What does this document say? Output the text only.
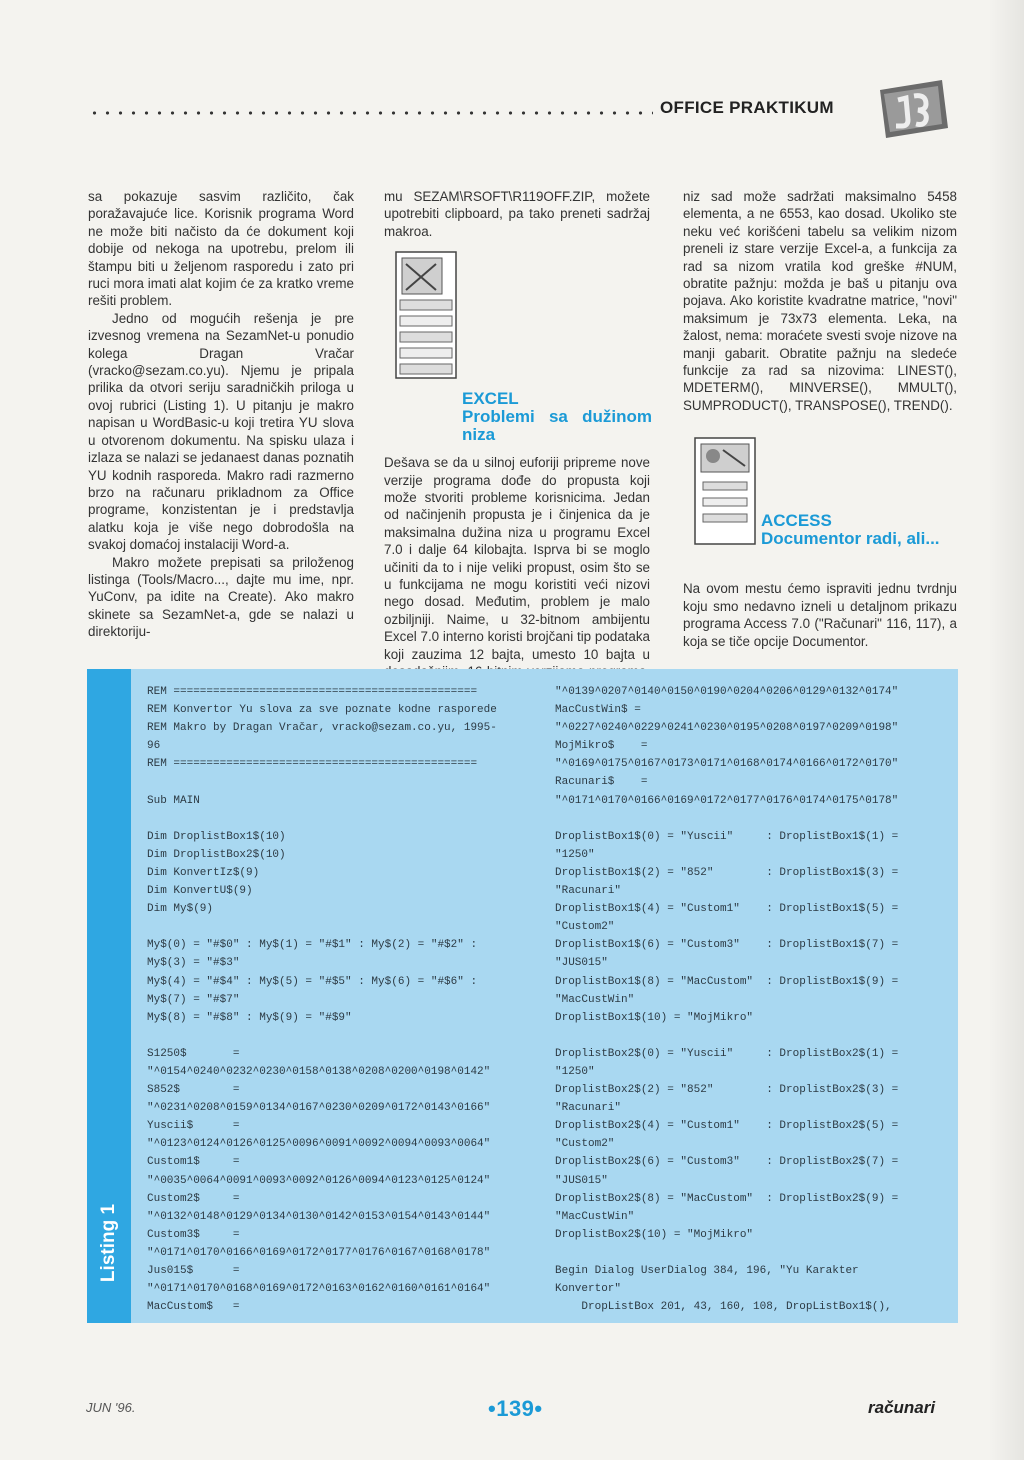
OFFICE PRAKTIKUM

sa pokazuje sasvim različito, čak poražavajuće lice. Korisnik programa Word ne može biti načisto da će dokument koji dobije od nekoga na upotrebu, prelom ili štampu biti u željenom rasporedu i zato pri ruci mora imati alat kojim će za kratko vreme rešiti problem.

Jedno od mogućih rešenja je pre izvesnog vremena na SezamNet-u ponudio kolega Dragan Vračar (vracko@sezam.co.yu). Njemu je pripala prilika da otvori seriju saradničkih priloga u ovoj rubrici (Listing 1). U pitanju je makro napisan u WordBasic-u koji tretira YU slova u otvorenom dokumentu. Na spisku ulaza i izlaza se nalazi se jedanaest danas poznatih YU kodnih rasporeda. Makro radi razmerno brzo na računaru prikladnom za Office programe, konzistentan je i predstavlja alatku koja je više nego dobrodošla na svakoj domaćoj instalaciji Word-a.

Makro možete prepisati sa priloženog listinga (Tools/Macro..., dajte mu ime, npr. YuConv, pa idite na Create). Ako makro skinete sa SezamNet-a, gde se nalazi u direktoriju-

mu SEZAM\RSOFT\R119OFF.ZIP, možete upotrebiti clipboard, pa tako preneti sadržaj makroa.

EXCEL
Problemi sa dužinom niza

Dešava se da u silnoj euforiji pripreme nove verzije programa dođe do propusta koji može stvoriti probleme korisnicima. Jedan od načinjenih propusta je i činjenica da je maksimalna dužina niza u programu Excel 7.0 i dalje 64 kilobajta. Isprva bi se moglo učiniti da to i nije veliki propust, osim što se u funkcijama ne mogu koristiti veći nizovi nego dosad. Međutim, problem je malo ozbiljniji. Naime, u 32-bitnom ambijentu Excel 7.0 interno koristi brojčani tip podataka koji zauzima 12 bajta, umesto 10 bajta u

niz sad može sadržati maksimalno 5458 elementa, a ne 6553, kao dosad. Ukoliko ste neku već korišćeni tabelu sa velikim nizom preneli iz stare verzije Excel-a, a funkcija za rad sa nizom vratila kod greške #NUM, obratite pažnju: možda je baš u pitanju ova pojava. Ako koristite kvadratne matrice, "novi" maksimum je 73x73 elementa. Leka, na žalost, nema: moraćete svesti svoje nizove na manji gabarit. Obratite pažnju na sledeće funkcije za rad sa nizovima: LINEST(), MDETERM(), MINVERSE(), MMULT(), SUMPRODUCT(), TRANSPOSE(), TREND().

ACCESS
Documentor radi, ali...

Na ovom mestu ćemo ispraviti jednu tvrdnju koju smo nedavno izneli u detaljnom prikazu programa Access 7.0 ("Računari" 116, 117), a koja se tiče opcije Documentor.

Listing 1
REM ==============================================
REM Konvertor Yu slova za sve poznate kodne rasporede
REM Makro by Dragan Vračar, vracko@sezam.co.yu, 1995-
96
REM ==============================================

Sub MAIN

Dim DroplistBox1$(10)
Dim DroplistBox2$(10)
Dim KonvertIz$(9)
Dim KonvertU$(9)
Dim My$(9)

My$(0) = "#$0" : My$(1) = "#$1" : My$(2) = "#$2" :
My$(3) = "#$3"
My$(4) = "#$4" : My$(5) = "#$5" : My$(6) = "#$6" :
My$(7) = "#$7"
My$(8) = "#$8" : My$(9) = "#$9"

S1250$       =
"^0154^0240^0232^0230^0158^0138^0208^0200^0198^0142"
S852$        =
"^0231^0208^0159^0134^0167^0230^0209^0172^0143^0166"
Yuscii$      =
"^0123^0124^0126^0125^0096^0091^0092^0094^0093^0064"
Custom1$     =
"^0035^0064^0091^0093^0092^0126^0094^0123^0125^0124"
Custom2$     =
"^0132^0148^0129^0134^0130^0142^0153^0154^0143^0144"
Custom3$     =
"^0171^0170^0166^0169^0172^0177^0176^0167^0168^0178"
Jus015$      =
"^0171^0170^0168^0169^0172^0163^0162^0160^0161^0164"
MacCustom$   =
"^0139^0207^0140^0150^0190^0204^0206^0129^0132^0174"
MacCustWin$ =
"^0227^0240^0229^0241^0230^0195^0208^0197^0209^0198"
MojMikro$    =
"^0169^0175^0167^0173^0171^0168^0174^0166^0172^0170"
Racunari$    =
"^0171^0170^0166^0169^0172^0177^0176^0174^0175^0178"

DroplistBox1$(0) = "Yuscii"     : DroplistBox1$(1) =
"1250"
DroplistBox1$(2) = "852"        : DroplistBox1$(3) =
"Racunari"
DroplistBox1$(4) = "Custom1"    : DroplistBox1$(5) =
"Custom2"
DroplistBox1$(6) = "Custom3"    : DroplistBox1$(7) =
"JUS015"
DroplistBox1$(8) = "MacCustom"  : DroplistBox1$(9) =
"MacCustWin"
DroplistBox1$(10) = "MojMikro"

DroplistBox2$(0) = "Yuscii"     : DroplistBox2$(1) =
"1250"
DroplistBox2$(2) = "852"        : DroplistBox2$(3) =
"Racunari"
DroplistBox2$(4) = "Custom1"    : DroplistBox2$(5) =
"Custom2"
DroplistBox2$(6) = "Custom3"    : DroplistBox2$(7) =
"JUS015"
DroplistBox2$(8) = "MacCustom"  : DroplistBox2$(9) =
"MacCustWin"
DroplistBox2$(10) = "MojMikro"

Begin Dialog UserDialog 384, 196, "Yu Karakter
Konvertor"
DropListBox 201, 43, 160, 108, DropListBox1$(),
JUN '96.	•139•	računari
